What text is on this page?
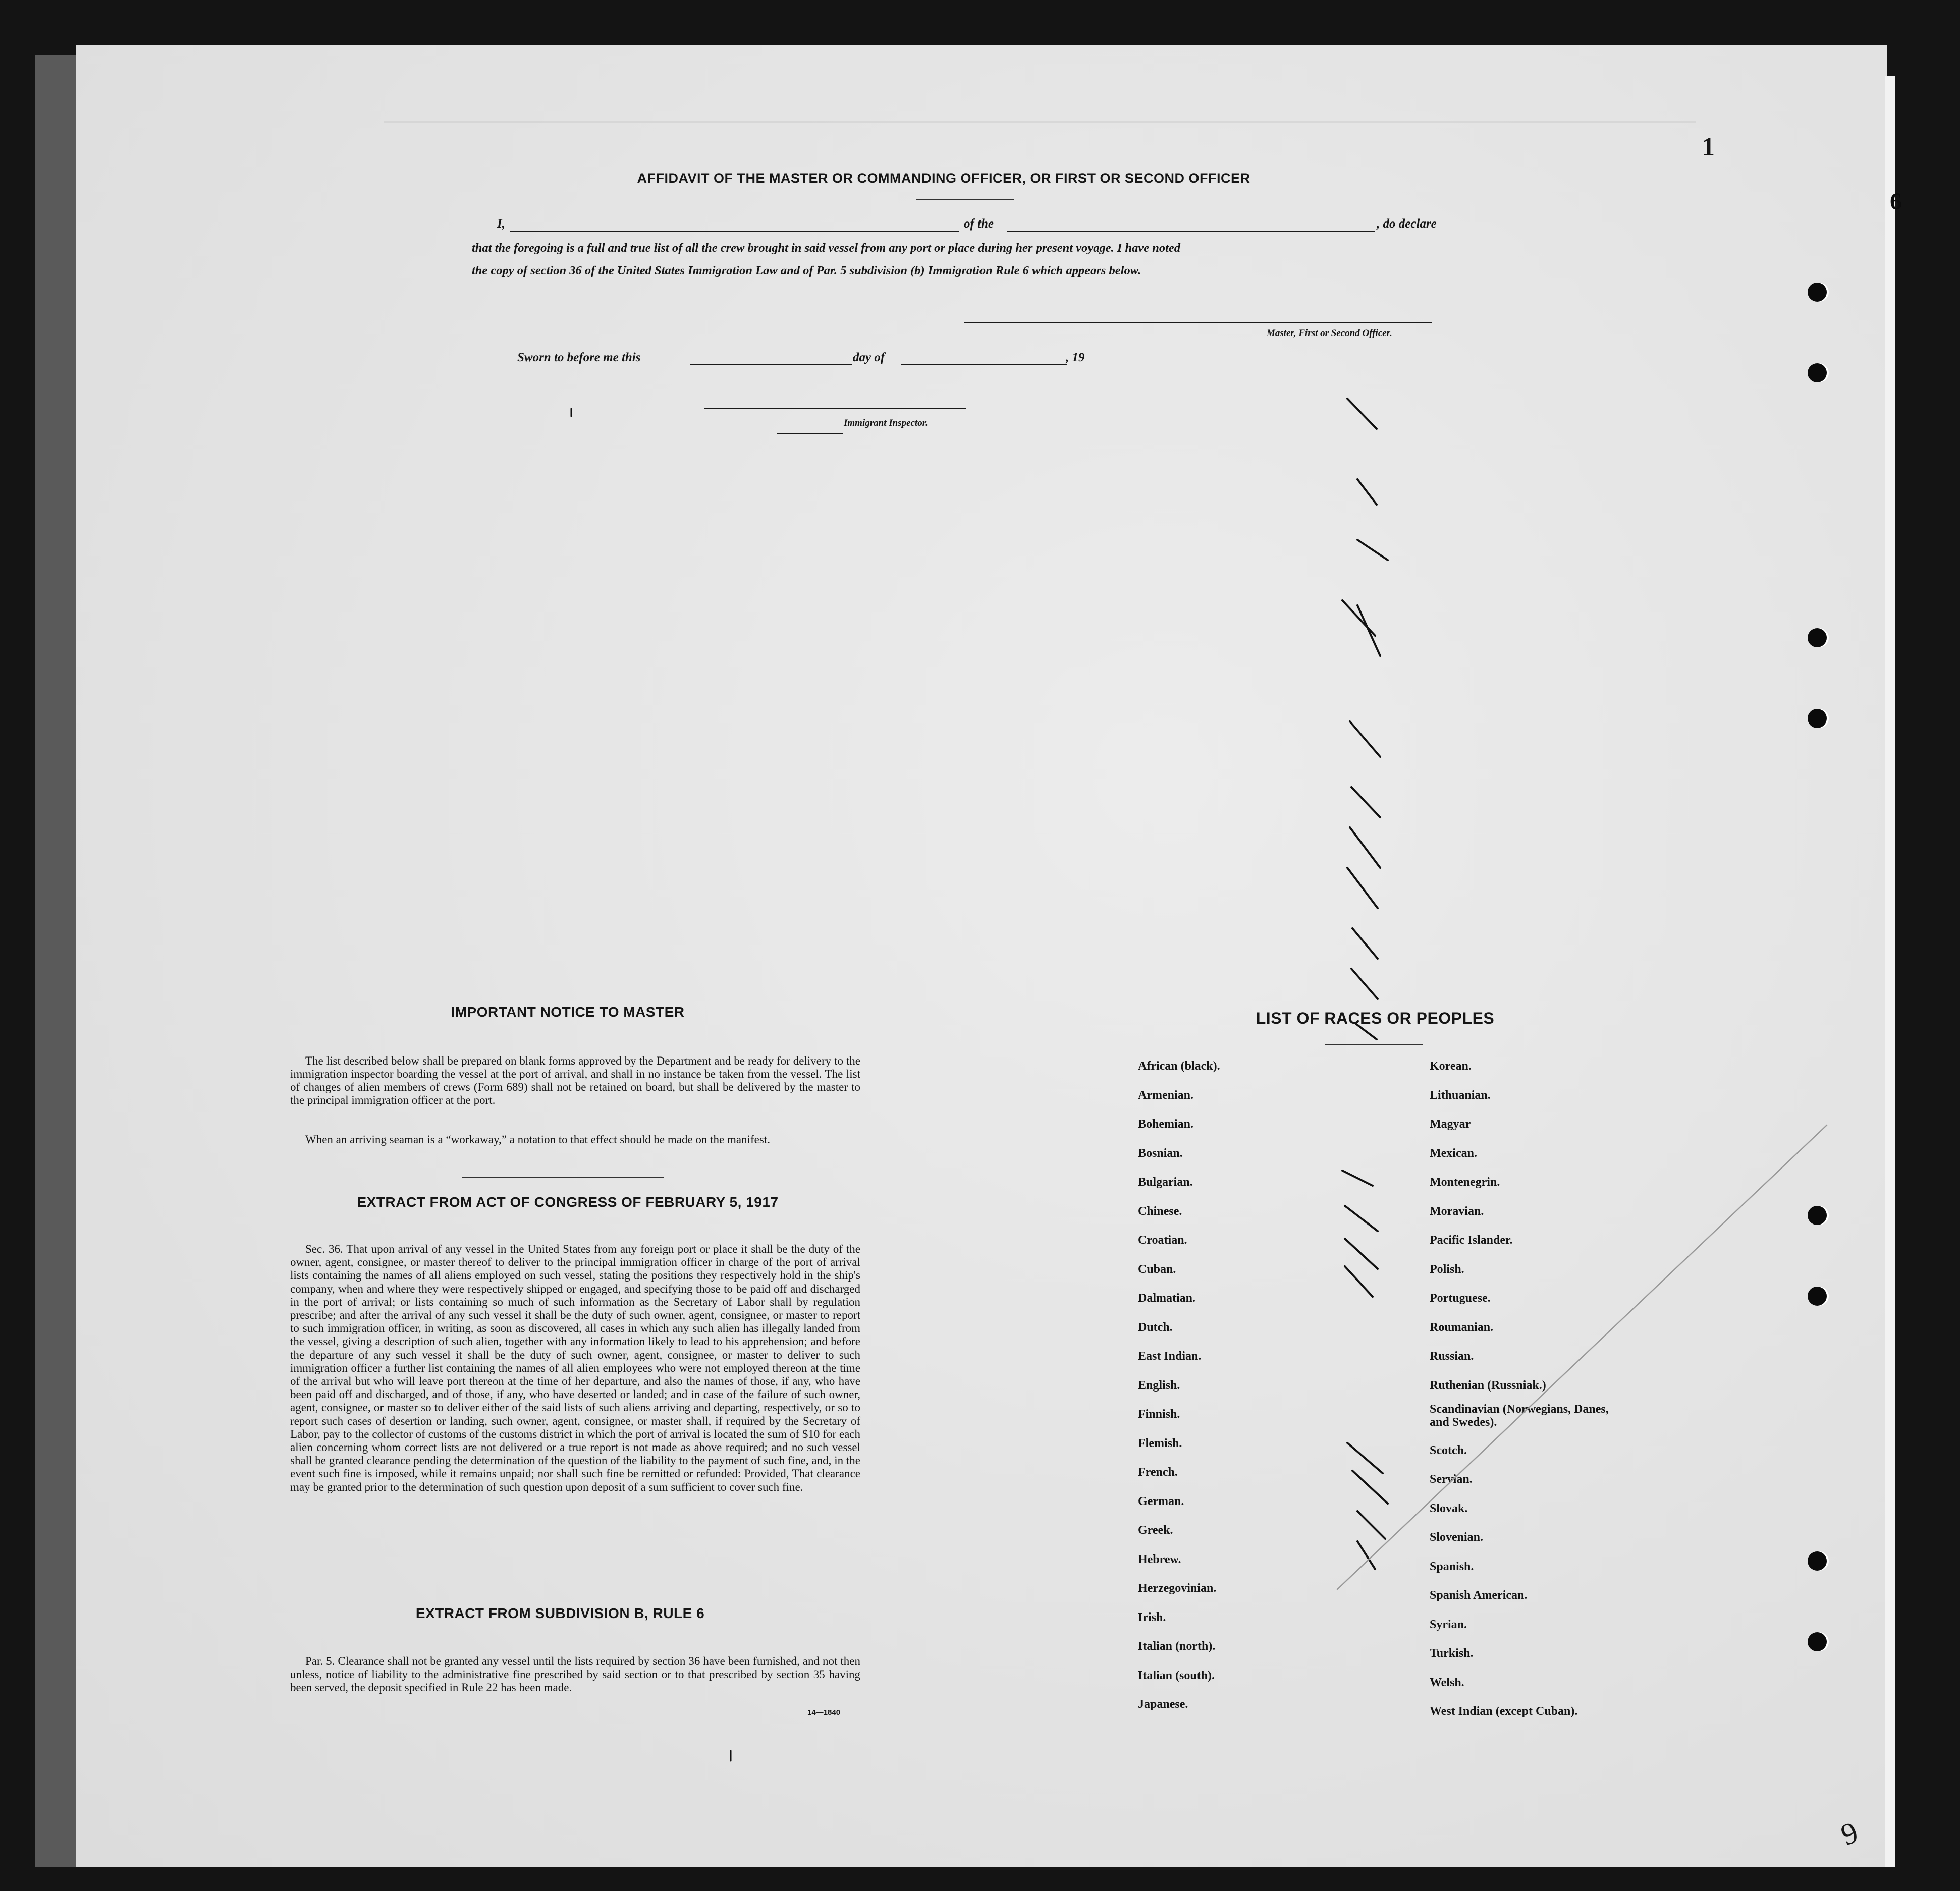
1
6
9
AFFIDAVIT OF THE MASTER OR COMMANDING OFFICER, OR FIRST OR SECOND OFFICER
I,	of the	, do declare
that the foregoing is a full and true list of all the crew brought in said vessel from any port or place during her present voyage. I have noted
the copy of section 36 of the United States Immigration Law and of Par. 5 subdivision (b) Immigration Rule 6 which appears below.
Master, First or Second Officer.
Sworn to before me this	day of	, 19
Immigrant Inspector.
IMPORTANT NOTICE TO MASTER
The list described below shall be prepared on blank forms approved by the Department and be ready for delivery to the immigration inspector boarding the vessel at the port of arrival, and shall in no instance be taken from the vessel. The list of changes of alien members of crews (Form 689) shall not be retained on board, but shall be delivered by the master to the principal immigration officer at the port.
When an arriving seaman is a “workaway,” a notation to that effect should be made on the manifest.
EXTRACT FROM ACT OF CONGRESS OF FEBRUARY 5, 1917
Sec. 36. That upon arrival of any vessel in the United States from any foreign port or place it shall be the duty of the owner, agent, consignee, or master thereof to deliver to the principal immigration officer in charge of the port of arrival lists containing the names of all aliens employed on such vessel, stating the positions they respectively hold in the ship's company, when and where they were respectively shipped or engaged, and specifying those to be paid off and discharged in the port of arrival; or lists containing so much of such information as the Secretary of Labor shall by regulation prescribe; and after the arrival of any such vessel it shall be the duty of such owner, agent, consignee, or master to report to such immigration officer, in writing, as soon as discovered, all cases in which any such alien has illegally landed from the vessel, giving a description of such alien, together with any information likely to lead to his apprehension; and before the departure of any such vessel it shall be the duty of such owner, agent, consignee, or master to deliver to such immigration officer a further list containing the names of all alien employees who were not employed thereon at the time of the arrival but who will leave port thereon at the time of her departure, and also the names of those, if any, who have been paid off and discharged, and of those, if any, who have deserted or landed; and in case of the failure of such owner, agent, consignee, or master so to deliver either of the said lists of such aliens arriving and departing, respectively, or so to report such cases of desertion or landing, such owner, agent, consignee, or master shall, if required by the Secretary of Labor, pay to the collector of customs of the customs district in which the port of arrival is located the sum of $10 for each alien concerning whom correct lists are not delivered or a true report is not made as above required; and no such vessel shall be granted clearance pending the determination of the question of the liability to the payment of such fine, and, in the event such fine is imposed, while it remains unpaid; nor shall such fine be remitted or refunded: Provided, That clearance may be granted prior to the determination of such question upon deposit of a sum sufficient to cover such fine.
EXTRACT FROM SUBDIVISION B, RULE 6
Par. 5. Clearance shall not be granted any vessel until the lists required by section 36 have been furnished, and not then unless, notice of liability to the administrative fine prescribed by said section or to that prescribed by section 35 having been served, the deposit specified in Rule 22 has been made.
14—1840
LIST OF RACES OR PEOPLES
African (black).
Armenian.
Bohemian.
Bosnian.
Bulgarian.
Chinese.
Croatian.
Cuban.
Dalmatian.
Dutch.
East Indian.
English.
Finnish.
Flemish.
French.
German.
Greek.
Hebrew.
Herzegovinian.
Irish.
Italian (north).
Italian (south).
Japanese.
Korean.
Lithuanian.
Magyar
Mexican.
Montenegrin.
Moravian.
Pacific Islander.
Polish.
Portuguese.
Roumanian.
Russian.
Ruthenian (Russniak.)
Scandinavian (Norwegians, Danes, and Swedes).
Scotch.
Servian.
Slovak.
Slovenian.
Spanish.
Spanish American.
Syrian.
Turkish.
Welsh.
West Indian (except Cuban).
